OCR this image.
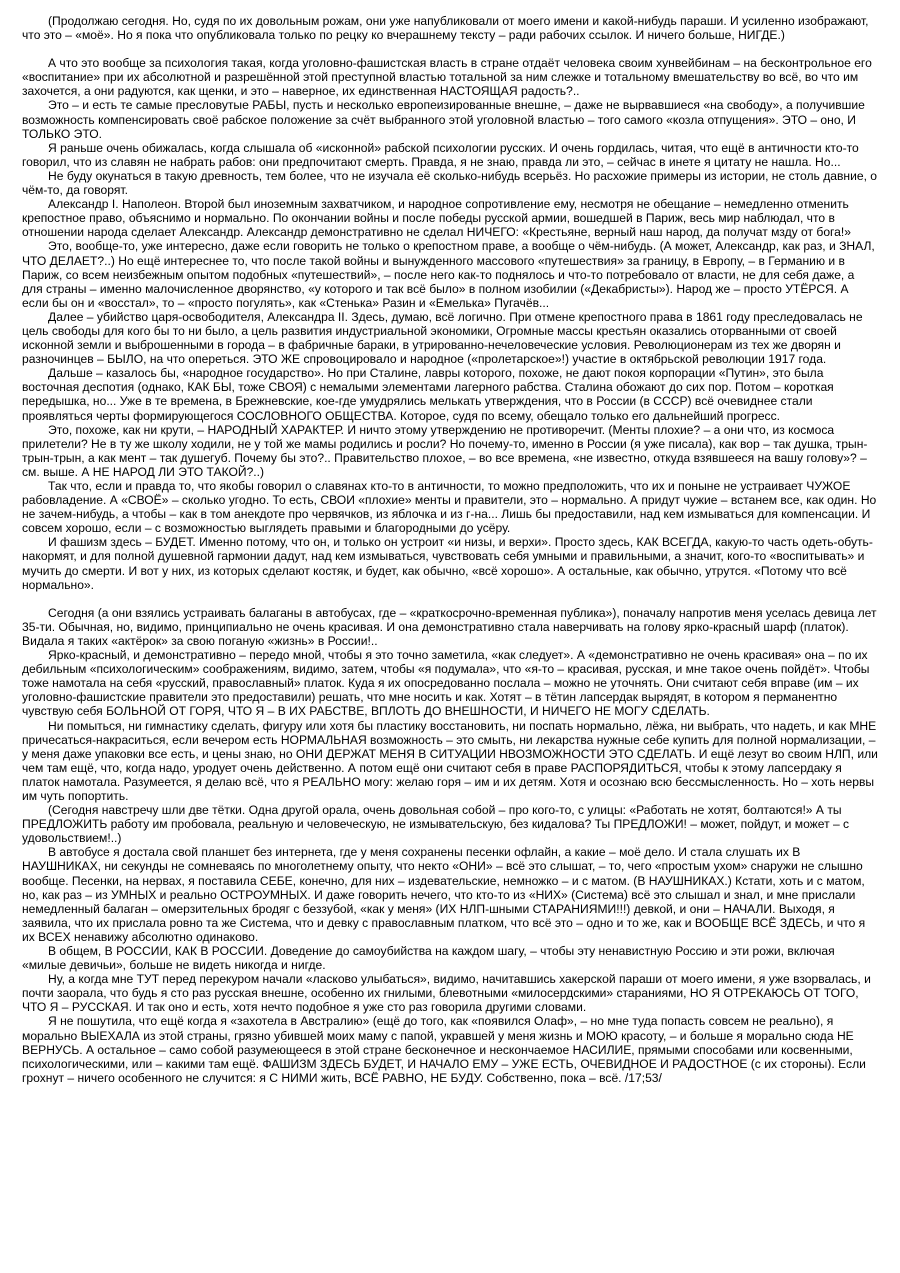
(Продолжаю сегодня. Но, судя по их довольным рожам, они уже напубликовали от моего имени и какой-нибудь параши. И усиленно изображают, что это – «моё». Но я пока что опубликовала только по рецку ко вчерашнему тексту – ради рабочих ссылок. И ничего больше, НИГДЕ.)

А что это вообще за психология такая, когда уголовно-фашистская власть в стране отдаёт человека своим хунвейбинам – на бесконтрольное его «воспитание» при их абсолютной и разрешённой этой преступной властью тотальной за ним слежке и тотальному вмешательству во всё, во что им захочется, а они радуются, как щенки, и это – наверное, их единственная НАСТОЯЩАЯ радость?..

Это – и есть те самые пресловутые РАБЫ, пусть и несколько европеизированные внешне, – даже не вырвавшиеся «на свободу», а получившие возможность компенсировать своё рабское положение за счёт выбранного этой уголовной властью – того самого «козла отпущения». ЭТО – оно, И ТОЛЬКО ЭТО.

Я раньше очень обижалась, когда слышала об «исконной» рабской психологии русских. И очень гордилась, читая, что ещё в античности кто-то говорил, что из славян не набрать рабов: они предпочитают смерть. Правда, я не знаю, правда ли это, – сейчас в инете я цитату не нашла. Но...

Не буду окунаться в такую древность, тем более, что не изучала её сколько-нибудь всерьёз. Но расхожие примеры из истории, не столь давние, о чём-то, да говорят.

Александр I. Наполеон. Второй был иноземным захватчиком, и народное сопротивление ему, несмотря не обещание – немедленно отменить крепостное право, объяснимо и нормально. По окончании войны и после победы русской армии, вошедшей в Париж, весь мир наблюдал, что в отношении народа сделает Александр. Александр демонстративно не сделал НИЧЕГО: «Крестьяне, верный наш народ, да получат мзду от бога!»

Это, вообще-то, уже интересно, даже если говорить не только о крепостном праве, а вообще о чём-нибудь. (А может, Александр, как раз, и ЗНАЛ, ЧТО ДЕЛАЕТ?..) Но ещё интереснее то, что после такой войны и вынужденного массового «путешествия» за границу, в Европу, – в Германию и в Париж, со всем неизбежным опытом подобных «путешествий», – после него как-то поднялось и что-то потребовало от власти, не для себя даже, а для страны – именно малочисленное дворянство, «у которого и так всё было» в полном изобилии («Декабристы»). Народ же – просто УТЁРСЯ. А если бы он и «восстал», то – «просто погулять», как «Стенька» Разин и «Емелька» Пугачёв...

Далее – убийство царя-освободителя, Александра II. Здесь, думаю, всё логично. При отмене крепостного права в 1861 году преследовалась не цель свободы для кого бы то ни было, а цель развития индустриальной экономики, Огромные массы крестьян оказались оторванными от своей исконной земли и выброшенными в города – в фабричные бараки, в утрированно-нечеловеческие условия. Революционерам из тех же дворян и разночинцев – БЫЛО, на что опереться. ЭТО ЖЕ спровоцировало и народное («пролетарское»!) участие в октябрьской революции 1917 года.

Дальше – казалось бы, «народное государство». Но при Сталине, лавры которого, похоже, не дают покоя корпорации «Путин», это была восточная деспотия (однако, КАК БЫ, тоже СВОЯ) с немалыми элементами лагерного рабства. Сталина обожают до сих пор. Потом – короткая передышка, но... Уже в те времена, в Брежневские, кое-где умудрялись мелькать утверждения, что в России (в СССР) всё очевиднее стали проявляться черты формирующегося СОСЛОВНОГО ОБЩЕСТВА. Которое, судя по всему, обещало только его дальнейший прогресс.

Это, похоже, как ни крути, – НАРОДНЫЙ ХАРАКТЕР. И ничто этому утверждению не противоречит. (Менты плохие? – а они что, из космоса прилетели? Не в ту же школу ходили, не у той же мамы родились и росли? Но почему-то, именно в России (я уже писала), как вор – так душка, трын-трын-трын, а как мент – так душегуб. Почему бы это?.. Правительство плохое, – во все времена, «не известно, откуда взявшееся на вашу голову»? – см. выше. А НЕ НАРОД ЛИ ЭТО ТАКОЙ?..)

Так что, если и правда то, что якобы говорил о славянах кто-то в античности, то можно предположить, что их и поныне не устраивает ЧУЖОЕ рабовладение. А «СВОЁ» – сколько угодно. То есть, СВОИ «плохие» менты и правители, это – нормально. А придут чужие – встанем все, как один. Но не зачем-нибудь, а чтобы – как в том анекдоте про червячков, из яблочка и из г-на... Лишь бы предоставили, над кем измываться для компенсации. И совсем хорошо, если – с возможностью выглядеть правыми и благородными до усёру.

И фашизм здесь – БУДЕТ. Именно потому, что он, и только он устроит «и низы, и верхи». Просто здесь, КАК ВСЕГДА, какую-то часть одеть-обуть-накормят, и для полной душевной гармонии дадут, над кем измываться, чувствовать себя умными и правильными, а значит, кого-то «воспитывать» и мучить до смерти. И вот у них, из которых сделают костяк, и будет, как обычно, «всё хорошо». А остальные, как обычно, утрутся. «Потому что всё нормально».

Сегодня (а они взялись устраивать балаганы в автобусах, где – «краткосрочно-временная публика»), поначалу напротив меня уселась девица лет 35-ти. Обычная, но, видимо, принципиально не очень красивая. И она демонстративно стала наверчивать на голову ярко-красный шарф (платок). Видала я таких «актёрок» за свою поганую «жизнь» в России!..

Ярко-красный, и демонстративно – передо мной, чтобы я это точно заметила, «как следует». А «демонстративно не очень красивая» она – по их дебильным «психологическим» соображениям, видимо, затем, чтобы «я подумала», что «я-то – красивая, русская, и мне такое очень пойдёт». Чтобы тоже намотала на себя «русский, православный» платок. Куда я их опосредованно послала – можно не уточнять. Они считают себя вправе (им – их уголовно-фашистские правители это предоставили) решать, что мне носить и как. Хотят – в тётин лапсердак вырядят, в котором я перманентно чувствую себя БОЛЬНОЙ ОТ ГОРЯ, ЧТО Я – В ИХ РАБСТВЕ, ВПЛОТЬ ДО ВНЕШНОСТИ, И НИЧЕГО НЕ МОГУ СДЕЛАТЬ.

Ни помыться, ни гимнастику сделать, фигуру или хотя бы пластику восстановить, ни поспать нормально, лёжа, ни выбрать, что надеть, и как МНЕ причесаться-накраситься, если вечером есть НОРМАЛЬНАЯ возможность – это смыть, ни лекарства нужные себе купить для полной нормализации, – у меня даже упаковки все есть, и цены знаю, но ОНИ ДЕРЖАТ МЕНЯ В СИТУАЦИИ НВОЗМОЖНОСТИ ЭТО СДЕЛАТЬ. И ещё лезут во своим НЛП, или чем там ещё, что, когда надо, уродует очень действенно. А потом ещё они считают себя в праве РАСПОРЯДИТЬСЯ, чтобы к этому лапсердаку я платок намотала. Разумеется, я делаю всё, что я РЕАЛЬНО могу: желаю горя – им и их детям. Хотя и осознаю всю бессмысленность. Но – хоть нервы им чуть попортить.

(Сегодня навстречу шли две тётки. Одна другой орала, очень довольная собой – про кого-то, с улицы: «Работать не хотят, болтаются!» А ты ПРЕДЛОЖИТЬ работу им пробовала, реальную и человеческую, не измывательскую, без кидалова? Ты ПРЕДЛОЖИ! – может, пойдут, и может – с удовольствием!..)

В автобусе я достала свой планшет без интернета, где у меня сохранены песенки офлайн, а какие – моё дело. И стала слушать их В НАУШНИКАХ, ни секунды не сомневаясь по многолетнему опыту, что некто «ОНИ» – всё это слышат, – то, чего «простым ухом» снаружи не слышно вообще. Песенки, на нервах, я поставила СЕБЕ, конечно, для них – издевательские, немножко – и с матом. (В НАУШНИКАХ.) Кстати, хоть и с матом, но, как раз – из УМНЫХ и реально ОСТРОУМНЫХ. И даже говорить нечего, что кто-то из «НИХ» (Система) всё это слышал и знал, и мне прислали немедленный балаган – омерзительных бродяг с беззубой, «как у меня» (ИХ НЛП-шными СТАРАНИЯМИ!!!) девкой, и они – НАЧАЛИ. Выходя, я заявила, что их прислала ровно та же Система, что и девку с православным платком, что всё это – одно и то же, как и ВООБЩЕ ВСЁ ЗДЕСЬ, и что я их ВСЕХ ненавижу абсолютно одинаково.

В общем, В РОССИИ, КАК В РОССИИ. Доведение до самоубийства на каждом шагу, – чтобы эту ненавистную Россию и эти рожи, включая «милые девичьи», больше не видеть никогда и нигде.

Ну, а когда мне ТУТ перед перекуром начали «ласково улыбаться», видимо, начитавшись хакерской параши от моего имени, я уже взорвалась, и почти заорала, что будь я сто раз русская внешне, особенно их гнилыми, блевотными «милосердскими» стараниями, НО Я ОТРЕКАЮСЬ ОТ ТОГО, ЧТО Я – РУССКАЯ. И так оно и есть, хотя нечто подобное я уже сто раз говорила другими словами.

Я не пошутила, что ещё когда я «захотела в Австралию» (ещё до того, как «появился Олаф», – но мне туда попасть совсем не реально), я морально ВЫЕХАЛА из этой страны, грязно убившей моих маму с папой, укравшей у меня жизнь и МОЮ красоту, – и больше я морально сюда НЕ ВЕРНУСЬ. А остальное – само собой разумеющееся в этой стране бесконечное и нескончаемое НАСИЛИЕ, прямыми способами или косвенными, психологическими, или – какими там ещё. ФАШИЗМ ЗДЕСЬ БУДЕТ, И НАЧАЛО ЕМУ – УЖЕ ЕСТЬ, ОЧЕВИДНОЕ И РАДОСТНОЕ (с их стороны). Если грохнут – ничего особенного не случится: я С НИМИ жить, ВСЁ РАВНО, НЕ БУДУ. Собственно, пока – всё. /17;53/
